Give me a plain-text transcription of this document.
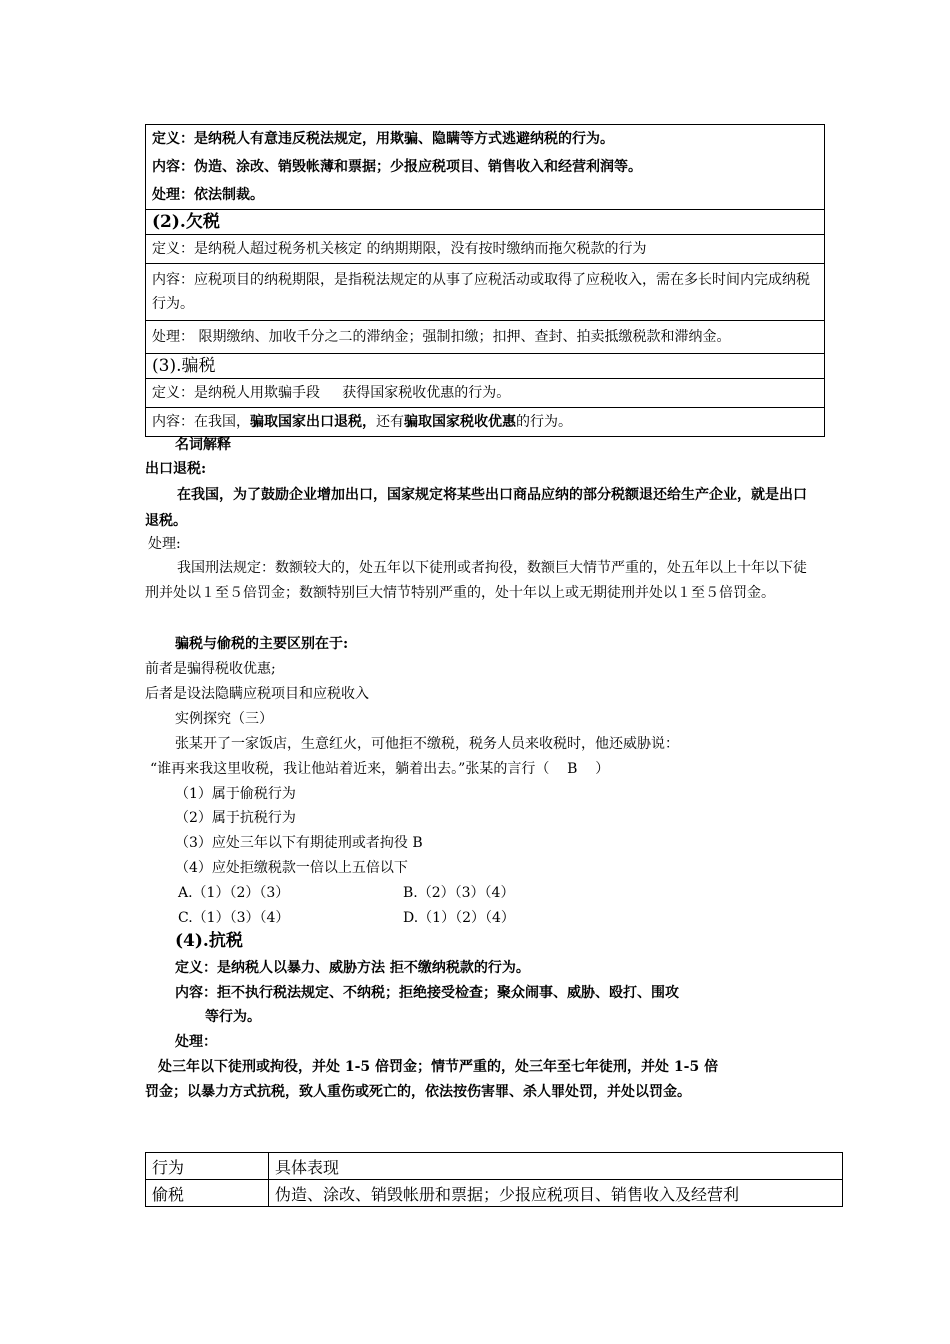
定义：是纳税人有意违反税法规定，用欺骗、隐瞒等方式逃避纳税的行为。
内容：伪造、涂改、销毁帐薄和票据；少报应税项目、销售收入和经营利润等。
处理：依法制裁。
(2).欠税
定义：是纳税人超过税务机关核定 的纳期期限，没有按时缴纳而拖欠税款的行为
内容：应税项目的纳税期限，是指税法规定的从事了应税活动或取得了应税收入，需在多长时间内完成纳税行为。
处理： 限期缴纳、加收千分之二的滞纳金；强制扣缴；扣押、查封、拍卖抵缴税款和滞纳金。
(3).骗税
定义：是纳税人用欺骗手段     获得国家税收优惠的行为。
内容：在我国，骗取国家出口退税，还有骗取国家税收优惠的行为。
名词解释
出口退税:
在我国，为了鼓励企业增加出口，国家规定将某些出口商品应纳的部分税额退还给生产企业，就是出口退税。
处理:
我国刑法规定：数额较大的，处五年以下徒刑或者拘役，数额巨大情节严重的，处五年以上十年以下徒刑并处以１至５倍罚金；数额特别巨大情节特别严重的，处十年以上或无期徒刑并处以１至５倍罚金。
骗税与偷税的主要区别在于:
前者是骗得税收优惠;
后者是设法隐瞒应税项目和应税收入
实例探究（三）
张某开了一家饭店，生意红火，可他拒不缴税，税务人员来收税时，他还威胁说：
“谁再来我这里收税，我让他站着近来，躺着出去。”张某的言行（    B    ）
（1）属于偷税行为
（2）属于抗税行为
（3）应处三年以下有期徒刑或者拘役 B
（4）应处拒缴税款一倍以上五倍以下
A.（1）（2）（3）	B.（2）（3）（4）
C.（1）（3）（4）	D.（1）（2）（4）
(4).抗税
定义：是纳税人以暴力、威胁方法 拒不缴纳税款的行为。
内容：拒不执行税法规定、不纳税；拒绝接受检查；聚众闹事、威胁、殴打、围攻
等行为。
处理：
处三年以下徒刑或拘役，并处 1-5 倍罚金；情节严重的，处三年至七年徒刑，并处 1-5 倍
罚金；以暴力方式抗税，致人重伤或死亡的，依法按伤害罪、杀人罪处罚，并处以罚金。
行为	具体表现
偷税	伪造、涂改、销毁帐册和票据；少报应税项目、销售收入及经营利
